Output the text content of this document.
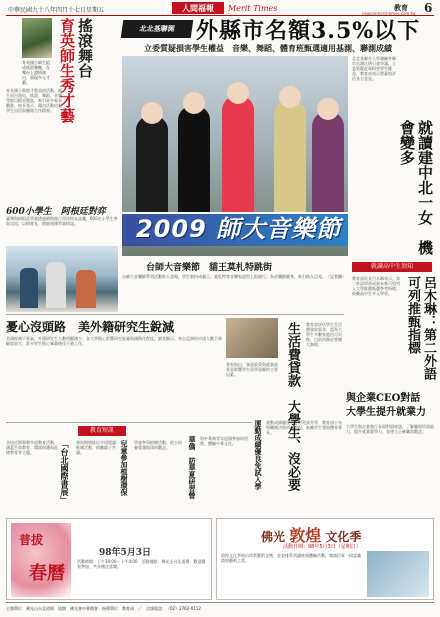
中華民國九十八年四月十七日星期五	人間福報	Merit Times
news@merit-times.com.tw
教育 6
育英國小師生組成搖滾樂團，在舞台上盡情演出，展現多元才藝。
育英國小舉辦才藝表演活動，師生同台演出，搖滾、舞蹈、音樂等節目精采豐富，吸引眾多家長觀賞。校長表示，藉由活動培養學生自信與團隊合作精神。
搖滾舞台
育英師生秀才藝
600小學生　阿根廷對弈
臺灣與阿根廷學童透過網路進行西洋棋友誼賽，600名小學生參與交流，以棋會友，增進兩國學童情誼。
北北基聯測 外縣市名額3.5%以下
立委質疑損害學生權益　音樂、舞蹈、體育班甄選適用基測、聯測成績
2009 師大音樂節
台師大音樂節　貓王莫札特跳街
台師大音樂節系列活動昨天登場，學生裝扮成貓王、莫札特等音樂家造型上街遊行，為音樂節暖身，吸引路人目光。（記者攝）
北北基聯合入學測驗外縣市名額比例引發爭議，立委質疑此舉損害學生權益，教育部表示將審慎評估各方意見。
就讀建中北一女　機會變多
就讀高中生須知
教育部次長呂木琳表示，第二外語學習成果未來可望列入大學推薦甄選參考指標，鼓勵高中生多元學習。	呂木琳：第二外語可列推甄指標
與企業CEO對話　大學生提升就業力
大學生與企業執行長面對面座談，了解職場所需能力，提升就業競爭力，並建立正確職涯觀念。
憂心沒頭路　美外籍研究生銳減
美國經濟不景氣，外籍研究生人數明顯減少，各大學擔心影響研究能量與國際化程度。調查顯示，來自亞洲的申請人數下降幅度最大，許多學生擔心畢業後找不到工作。
專家指出，簽證政策與就業前景是影響學生留學意願的主要因素。	生活費貸款　大學生、沒必要 教育部評估學生生活費貸款需求，認為大學生多數家庭仍可負擔，目前尚無必要擴大辦理。
教育短訊
各校近期舉辦多項教育活動，涵蓋生命教育、環境保護與品德教育等主題。	「台北國際書展」 書展期間推出多項閱讀推廣活動，鼓勵親子共讀。	兒童參加植樹環保 學童參與植樹活動，從小培養愛護地球的觀念。	華僑　訪華夏研習營 海外華裔青年返國參加研習營，體驗中華文化。	運動成績優良免試入學 運動成績優良學生可免試升學，教育部公布相關辦法與申請時程，鼓勵學生發展體育專長。
普拔
春曆
98年5月3日
活動時間：上午10:00－下午4:00　活動地點：佛光山台北道場　歡迎闔家參加，共享佛法喜樂。
佛光 敦煌 文化季
活動日期：98年5月3日（星期日）
敦煌文化季展出珍貴藝術文物，並安排系列講座與體驗活動，邀請民眾一同認識敦煌藝術之美。
主辦單位：佛光山台北道場　協辦：佛光會中華總會　指導單位：教育部　／　洽詢電話：（02）2762-0112
